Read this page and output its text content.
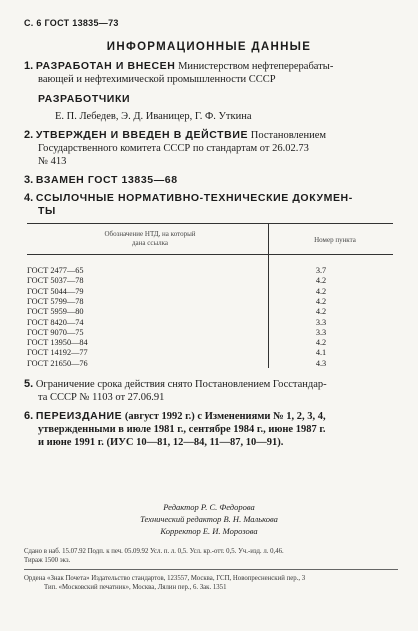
С. 6 ГОСТ 13835—73
ИНФОРМАЦИОННЫЕ ДАННЫЕ
1. РАЗРАБОТАН И ВНЕСЕН Министерством нефтеперерабаты-
вающей и нефтехимической промышленности СССР
РАЗРАБОТЧИКИ
Е. П. Лебедев, Э. Д. Иваницер, Г. Ф. Уткина
2. УТВЕРЖДЕН И ВВЕДЕН В ДЕЙСТВИЕ Постановлением
Государственного комитета СССР по стандартам от 26.02.73
№ 413
3. ВЗАМЕН ГОСТ 13835—68
4. ССЫЛОЧНЫЕ НОРМАТИВНО-ТЕХНИЧЕСКИЕ ДОКУМЕН-
ТЫ
Обозначение НТД, на который
дана ссылка	Номер пункта
ГОСТ 2477—65	3.7
ГОСТ 5037—78	4.2
ГОСТ 5044—79	4.2
ГОСТ 5799—78	4.2
ГОСТ 5959—80	4.2
ГОСТ 8420—74	3.3
ГОСТ 9070—75	3.3
ГОСТ 13950—84	4.2
ГОСТ 14192—77	4.1
ГОСТ 21650—76	4.3
5. Ограничение срока действия снято Постановлением Госстандар-
та СССР № 1103 от 27.06.91
6. ПЕРЕИЗДАНИЕ (август 1992 г.) с Изменениями № 1, 2, 3, 4,
утвержденными в июле 1981 г., сентябре 1984 г., июне 1987 г.
и июне 1991 г. (ИУС 10—81, 12—84, 11—87, 10—91).
Редактор Р. С. Федорова
Технический редактор В. Н. Малькова
Корректор Е. И. Морозова
Сдано в наб. 15.07.92 Подп. к печ. 05.09.92 Усл. п. л. 0,5. Усл. кр.-отт. 0,5. Уч.-изд. л. 0,46.
Тираж 1500 экз.
Ордена «Знак Почета» Издательство стандартов, 123557, Москва, ГСП, Новопресненский пер., 3
Тип. «Московский печатник», Москва, Лялин пер., 6. Зак. 1351
